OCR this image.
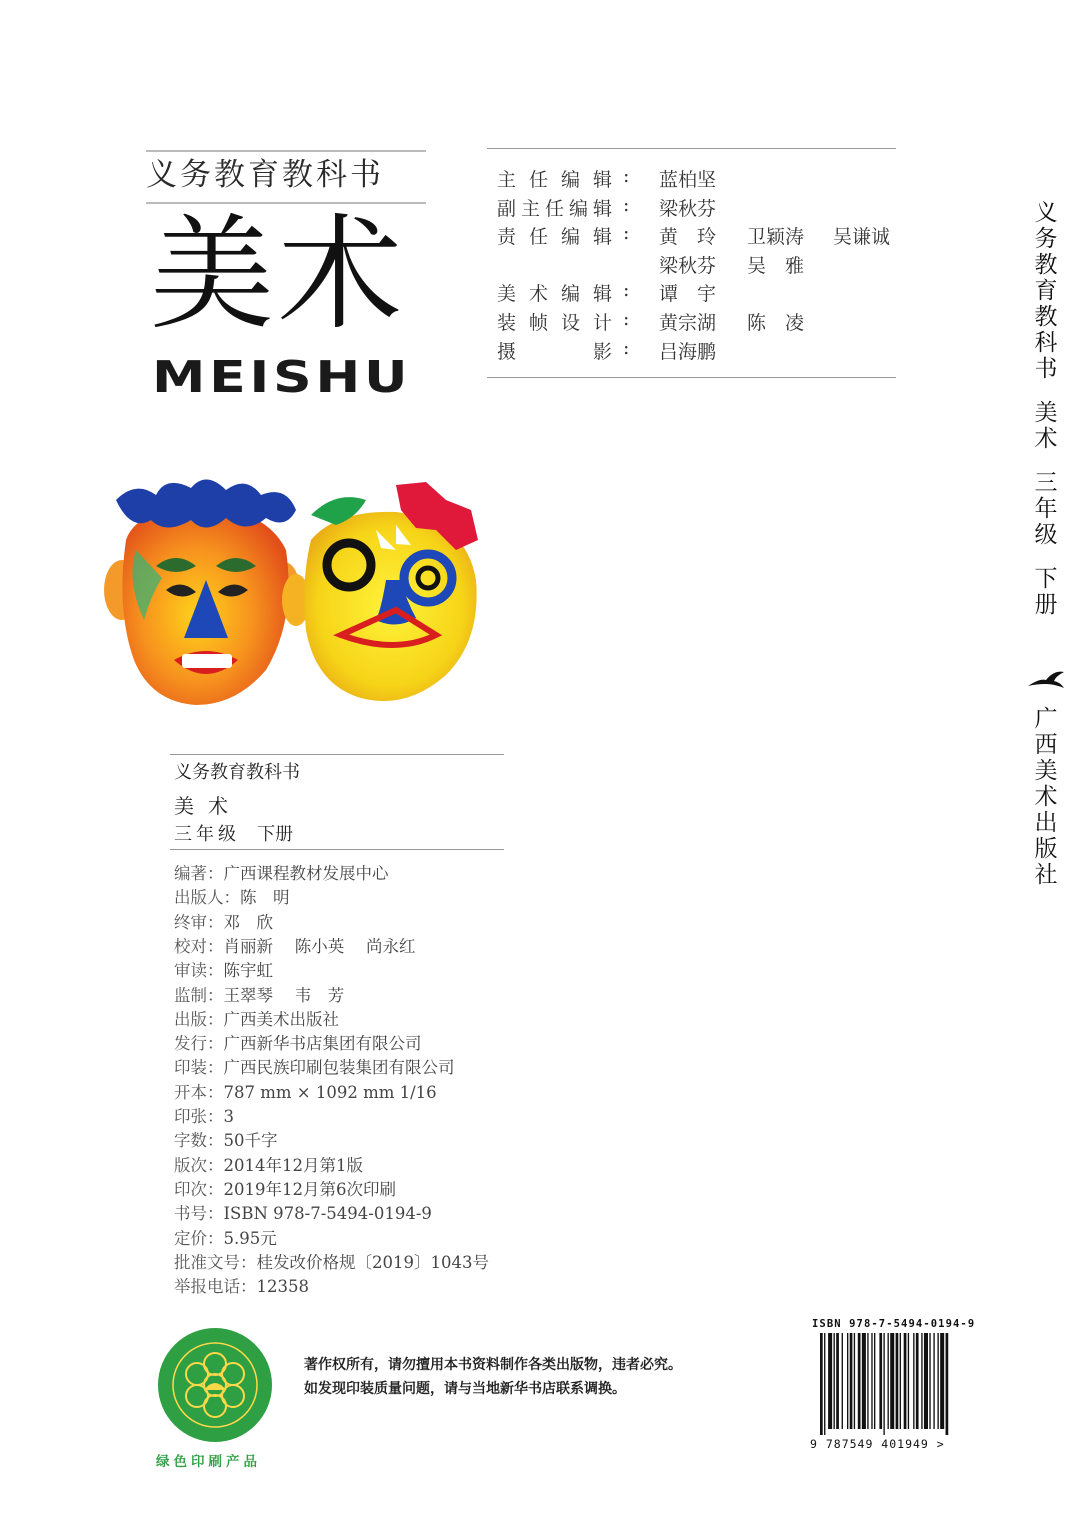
义务教育教科书
美术
MEISHU
主 任 编 辑 : 蓝柏坚
副 主 任 编 辑 : 梁秋芬
责 任 编 辑 : 黄　玲 卫颖涛 吴谦诚
梁秋芬 吴　雅
美 术 编 辑 : 谭　宇
装 帧 设 计 : 黄宗湖 陈　凌
摄	影 : 吕海鹏
义务教育教科书
美术
三年级 下册
编著：广西课程教材发展中心
出版人：陈　明
终审：邓　欣
校对：肖丽新　 陈小英　 尚永红
审读：陈宇虹
监制：王翠琴　 韦　芳
出版：广西美术出版社
发行：广西新华书店集团有限公司
印装：广西民族印刷包装集团有限公司
开本：787 mm × 1092 mm 1/16
印张：3
字数：50千字
版次：2014年12月第1版
印次：2019年12月第6次印刷
书号：ISBN 978-7-5494-0194-9
定价：5.95元
批准文号：桂发改价格规〔2019〕1043号
举报电话：12358
义
务
教
育
教
科
书
美
术
三
年
级
下
册
广
西
美
术
出
版
社
绿色印刷产品
著作权所有，请勿擅用本书资料制作各类出版物，违者必究。
如发现印装质量问题，请与当地新华书店联系调换。
ISBN 978-7-5494-0194-9
9 787549 401949 >
